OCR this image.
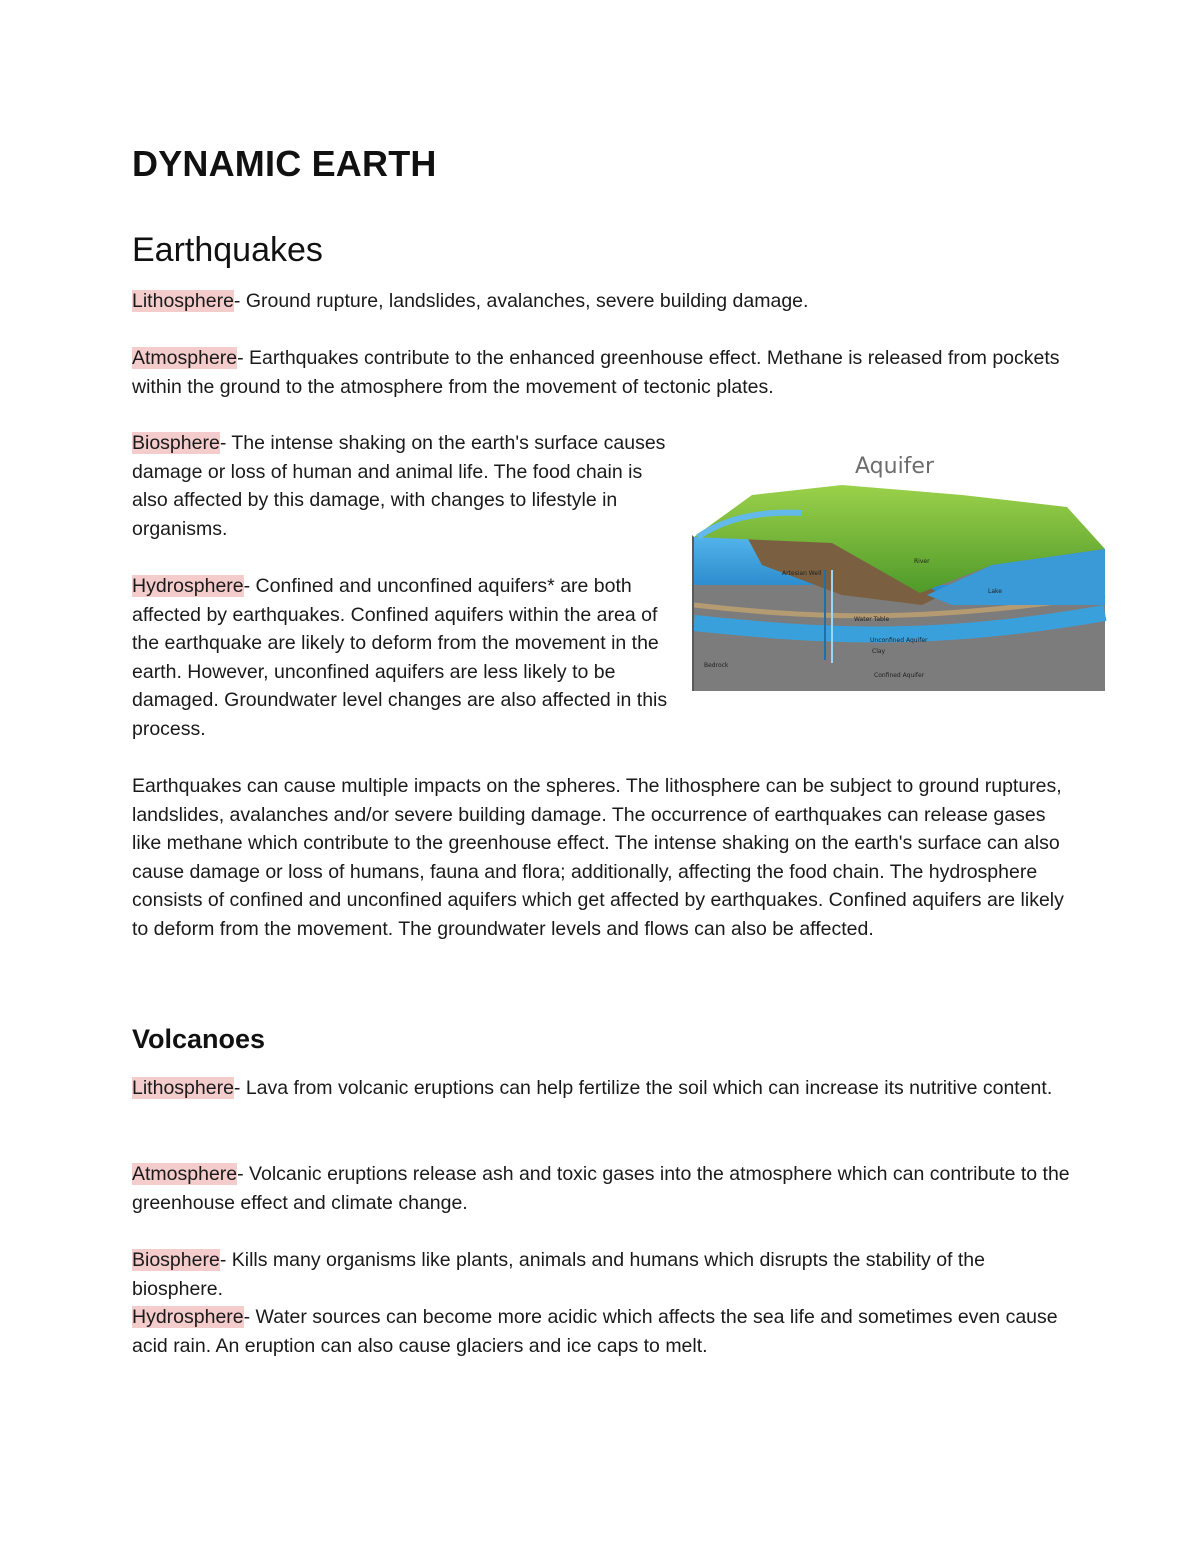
DYNAMIC EARTH
Earthquakes

Lithosphere- Ground rupture, landslides, avalanches, severe building damage.

Atmosphere- Earthquakes contribute to the enhanced greenhouse effect. Methane is released from pockets within the ground to the atmosphere from the movement of tectonic plates.

Biosphere- The intense shaking on the earth's surface causes damage or loss of human and animal life. The food chain is also affected by this damage, with changes to lifestyle in organisms.

Hydrosphere- Confined and unconfined aquifers* are both affected by earthquakes. Confined aquifers within the area of the earthquake are likely to deform from the movement in the earth. However, unconfined aquifers are less likely to be damaged. Groundwater level changes are also affected in this process.

Aquifer
Artesian Well
River
Lake
Water Table
Unconfined Aquifer
Clay
Confined Aquifer
Bedrock

Earthquakes can cause multiple impacts on the spheres. The lithosphere can be subject to ground ruptures, landslides, avalanches and/or severe building damage. The occurrence of earthquakes can release gases like methane which contribute to the greenhouse effect. The intense shaking on the earth's surface can also cause damage or loss of humans, fauna and flora; additionally, affecting the food chain. The hydrosphere consists of confined and unconfined aquifers which get affected by earthquakes. Confined aquifers are likely to deform from the movement. The groundwater levels and flows can also be affected.

Volcanoes

Lithosphere- Lava from volcanic eruptions can help fertilize the soil which can increase its nutritive content.

Atmosphere- Volcanic eruptions release ash and toxic gases into the atmosphere which can contribute to the greenhouse effect and climate change.

Biosphere- Kills many organisms like plants, animals and humans which disrupts the stability of the biosphere.

Hydrosphere- Water sources can become more acidic which affects the sea life and sometimes even cause acid rain. An eruption can also cause glaciers and ice caps to melt.
